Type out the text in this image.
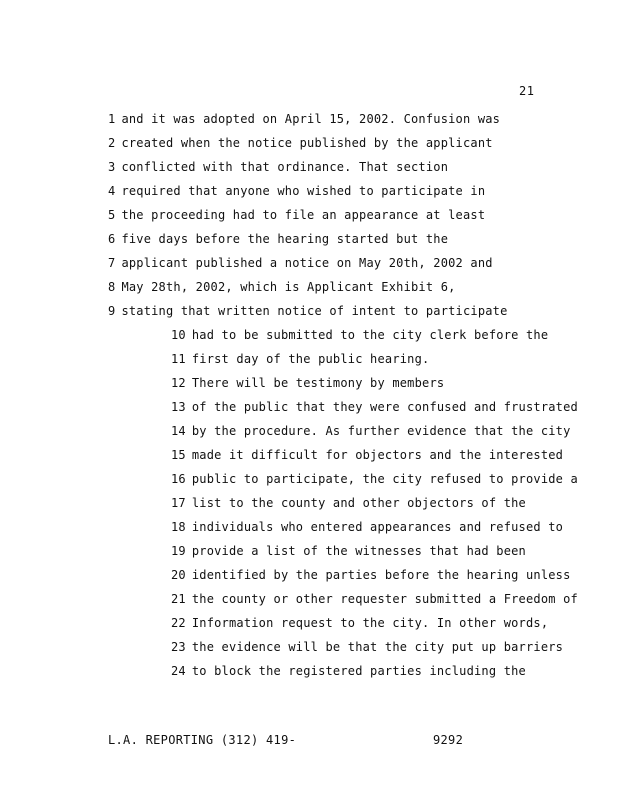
21
1 and it was adopted on April 15, 2002. Confusion was
2 created when the notice published by the applicant
3 conflicted with that ordinance. That section
4 required that anyone who wished to participate in
5 the proceeding had to file an appearance at least
6 five days before the hearing started but the
7 applicant published a notice on May 20th, 2002 and
8 May 28th, 2002, which is Applicant Exhibit 6,
9 stating that written notice of intent to participate
10 had to be submitted to the city clerk before the
11 first day of the public hearing.
12 There will be testimony by members
13 of the public that they were confused and frustrated
14 by the procedure. As further evidence that the city
15 made it difficult for objectors and the interested
16 public to participate, the city refused to provide a
17 list to the county and other objectors of the
18 individuals who entered appearances and refused to
19 provide a list of the witnesses that had been
20 identified by the parties before the hearing unless
21 the county or other requester submitted a Freedom of
22 Information request to the city. In other words,
23 the evidence will be that the city put up barriers
24 to block the registered parties including the
L.A. REPORTING (312) 419-	9292
